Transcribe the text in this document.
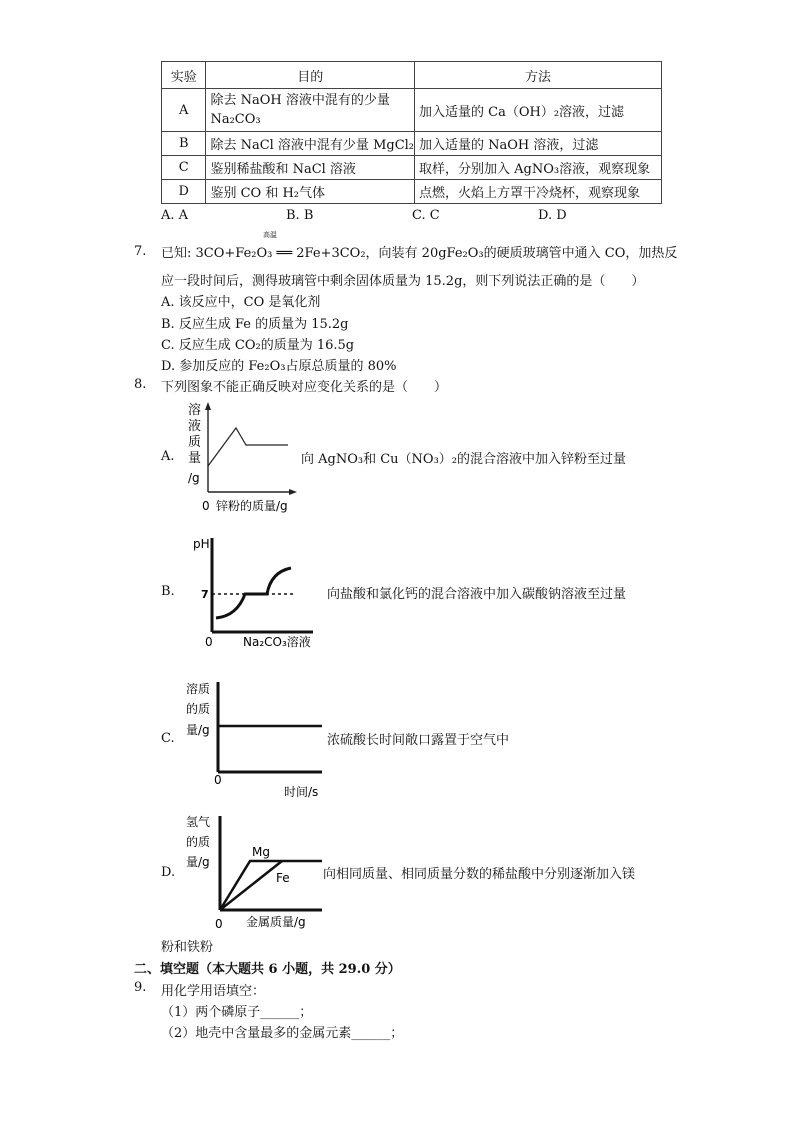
实验	目的	方法
A	除去 NaOH 溶液中混有的少量 Na₂CO₃	加入适量的 Ca（OH）₂溶液，过滤
B	除去 NaCl 溶液中混有少量 MgCl₂	加入适量的 NaOH 溶液，过滤
C	鉴别稀盐酸和 NaCl 溶液	取样，分别加入 AgNO₃溶液，观察现象
D	鉴别 CO 和 H₂气体	点燃，火焰上方罩干冷烧杯，观察现象
A. A	B. B	C. C	D. D
7.
高温
已知: 3CO+Fe₂O₃ ══ 2Fe+3CO₂，向装有 20gFe₂O₃的硬质玻璃管中通入 CO，加热反
应一段时间后，测得玻璃管中剩余固体质量为 15.2g，则下列说法正确的是（　　）
A. 该反应中，CO 是氧化剂
B. 反应生成 Fe 的质量为 15.2g
C. 反应生成 CO₂的质量为 16.5g
D. 参加反应的 Fe₂O₃占原总质量的 80%
8. 下列图象不能正确反映对应变化关系的是（　　）
A.
溶
液
质
量
/g
0 锌粉的质量/g
向 AgNO₃和 Cu（NO₃）₂的混合溶液中加入锌粉至过量
B.
pH
7
0	Na₂CO₃溶液
向盐酸和氯化钙的混合溶液中加入碳酸钠溶液至过量
C.
溶质
的质
量/g
0
时间/s
浓硫酸长时间敞口露置于空气中
D.
氢气
的质
量/g
Mg
Fe
0 金属质量/g
向相同质量、相同质量分数的稀盐酸中分别逐渐加入镁
粉和铁粉
二、填空题（本大题共 6 小题，共 29.0 分）
9. 用化学用语填空：
（1）两个磷原子______；
（2）地壳中含量最多的金属元素______；
